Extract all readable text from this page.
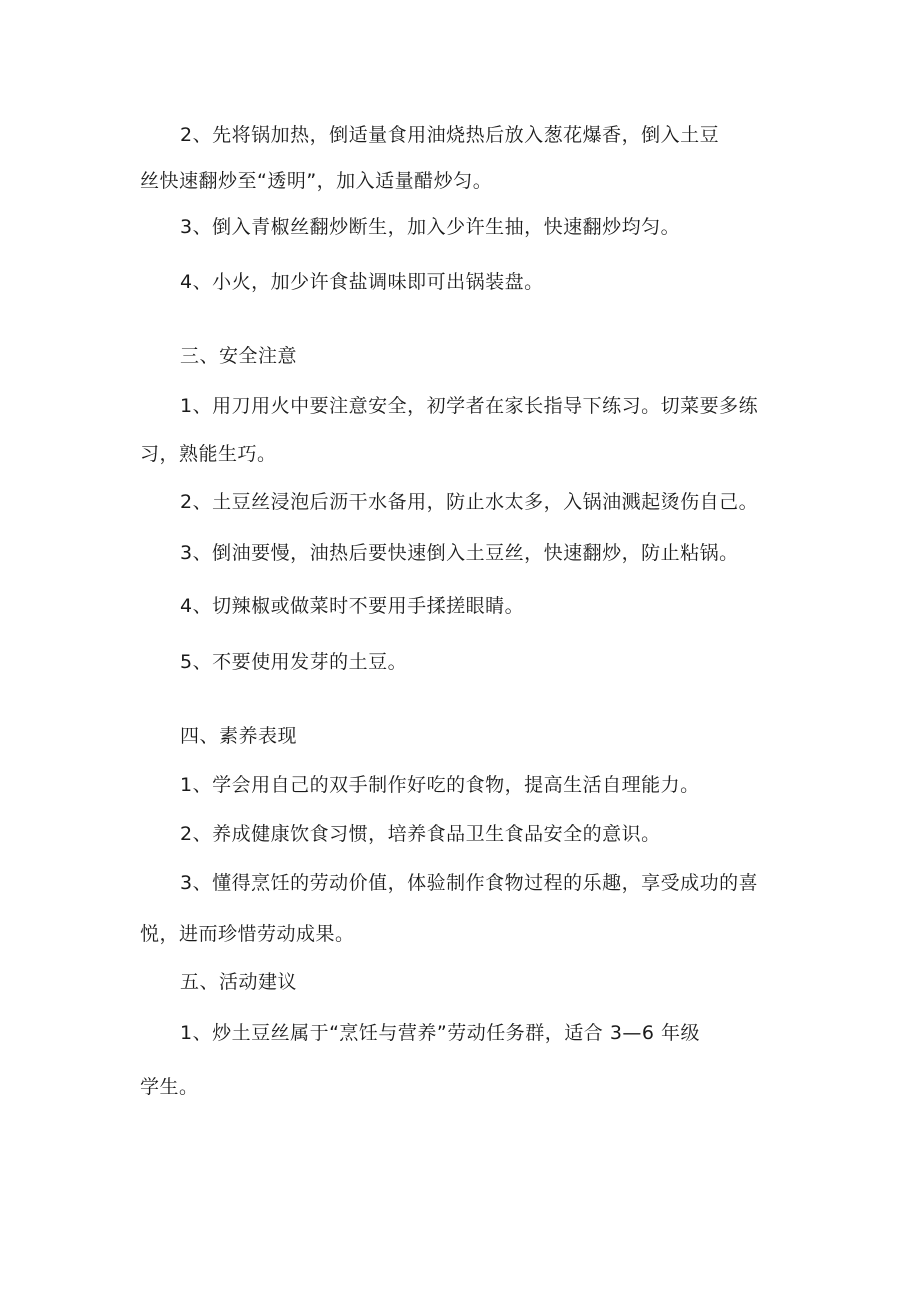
2、先将锅加热，倒适量食用油烧热后放入葱花爆香，倒入土豆
丝快速翻炒至“透明”，加入适量醋炒匀。
3、倒入青椒丝翻炒断生，加入少许生抽，快速翻炒均匀。
4、小火，加少许食盐调味即可出锅装盘。
三、安全注意
1、用刀用火中要注意安全，初学者在家长指导下练习。切菜要多练
习，熟能生巧。
2、土豆丝浸泡后沥干水备用，防止水太多，入锅油溅起烫伤自己。
3、倒油要慢，油热后要快速倒入土豆丝，快速翻炒，防止粘锅。
4、切辣椒或做菜时不要用手揉搓眼睛。
5、不要使用发芽的土豆。
四、素养表现
1、学会用自己的双手制作好吃的食物，提高生活自理能力。
2、养成健康饮食习惯，培养食品卫生食品安全的意识。
3、懂得烹饪的劳动价值，体验制作食物过程的乐趣，享受成功的喜
悦，进而珍惜劳动成果。
五、活动建议
1、炒土豆丝属于“烹饪与营养”劳动任务群，适合 3—6 年级
学生。
